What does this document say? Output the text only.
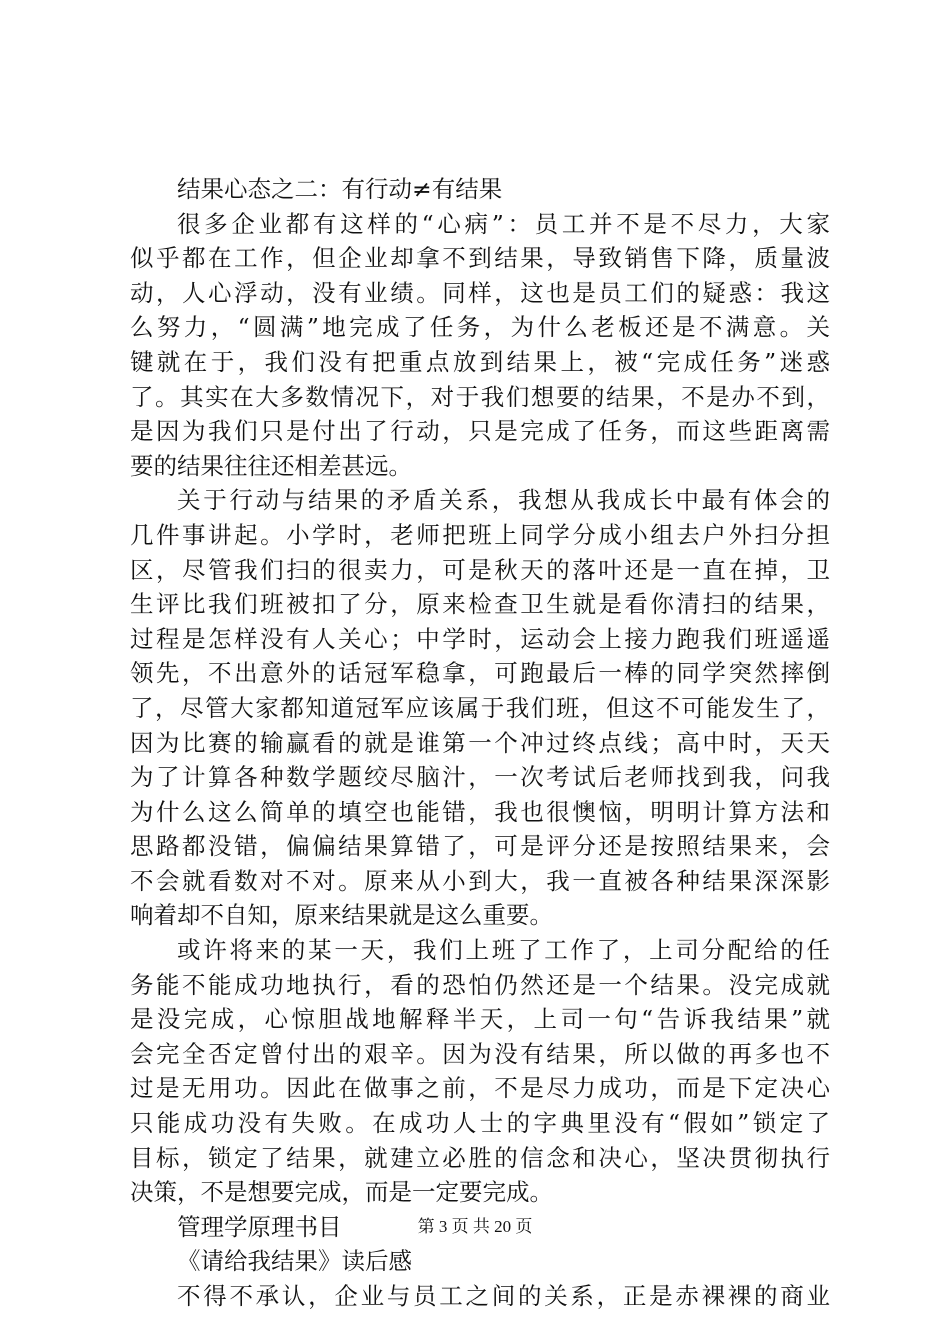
结果心态之二：有行动≠有结果
很多企业都有这样的“心病”：员工并不是不尽力，大家
似乎都在工作，但企业却拿不到结果，导致销售下降，质量波
动，人心浮动，没有业绩。同样，这也是员工们的疑惑：我这
么努力，“圆满”地完成了任务，为什么老板还是不满意。关
键就在于，我们没有把重点放到结果上，被“完成任务”迷惑
了。其实在大多数情况下，对于我们想要的结果，不是办不到，
是因为我们只是付出了行动，只是完成了任务，而这些距离需
要的结果往往还相差甚远。
关于行动与结果的矛盾关系，我想从我成长中最有体会的
几件事讲起。小学时，老师把班上同学分成小组去户外扫分担
区，尽管我们扫的很卖力，可是秋天的落叶还是一直在掉，卫
生评比我们班被扣了分，原来检查卫生就是看你清扫的结果，
过程是怎样没有人关心；中学时，运动会上接力跑我们班遥遥
领先，不出意外的话冠军稳拿，可跑最后一棒的同学突然摔倒
了，尽管大家都知道冠军应该属于我们班，但这不可能发生了，
因为比赛的输赢看的就是谁第一个冲过终点线；高中时，天天
为了计算各种数学题绞尽脑汁，一次考试后老师找到我，问我
为什么这么简单的填空也能错，我也很懊恼，明明计算方法和
思路都没错，偏偏结果算错了，可是评分还是按照结果来，会
不会就看数对不对。原来从小到大，我一直被各种结果深深影
响着却不自知，原来结果就是这么重要。
或许将来的某一天，我们上班了工作了，上司分配给的任
务能不能成功地执行，看的恐怕仍然还是一个结果。没完成就
是没完成，心惊胆战地解释半天，上司一句“告诉我结果”就
会完全否定曾付出的艰辛。因为没有结果，所以做的再多也不
过是无用功。因此在做事之前，不是尽力成功，而是下定决心
只能成功没有失败。在成功人士的字典里没有“假如”锁定了
目标，锁定了结果，就建立必胜的信念和决心，坚决贯彻执行
决策，不是想要完成，而是一定要完成。
管理学原理书目
《请给我结果》读后感
不得不承认，企业与员工之间的关系，正是赤裸裸的商业
第 3 页 共 20 页
